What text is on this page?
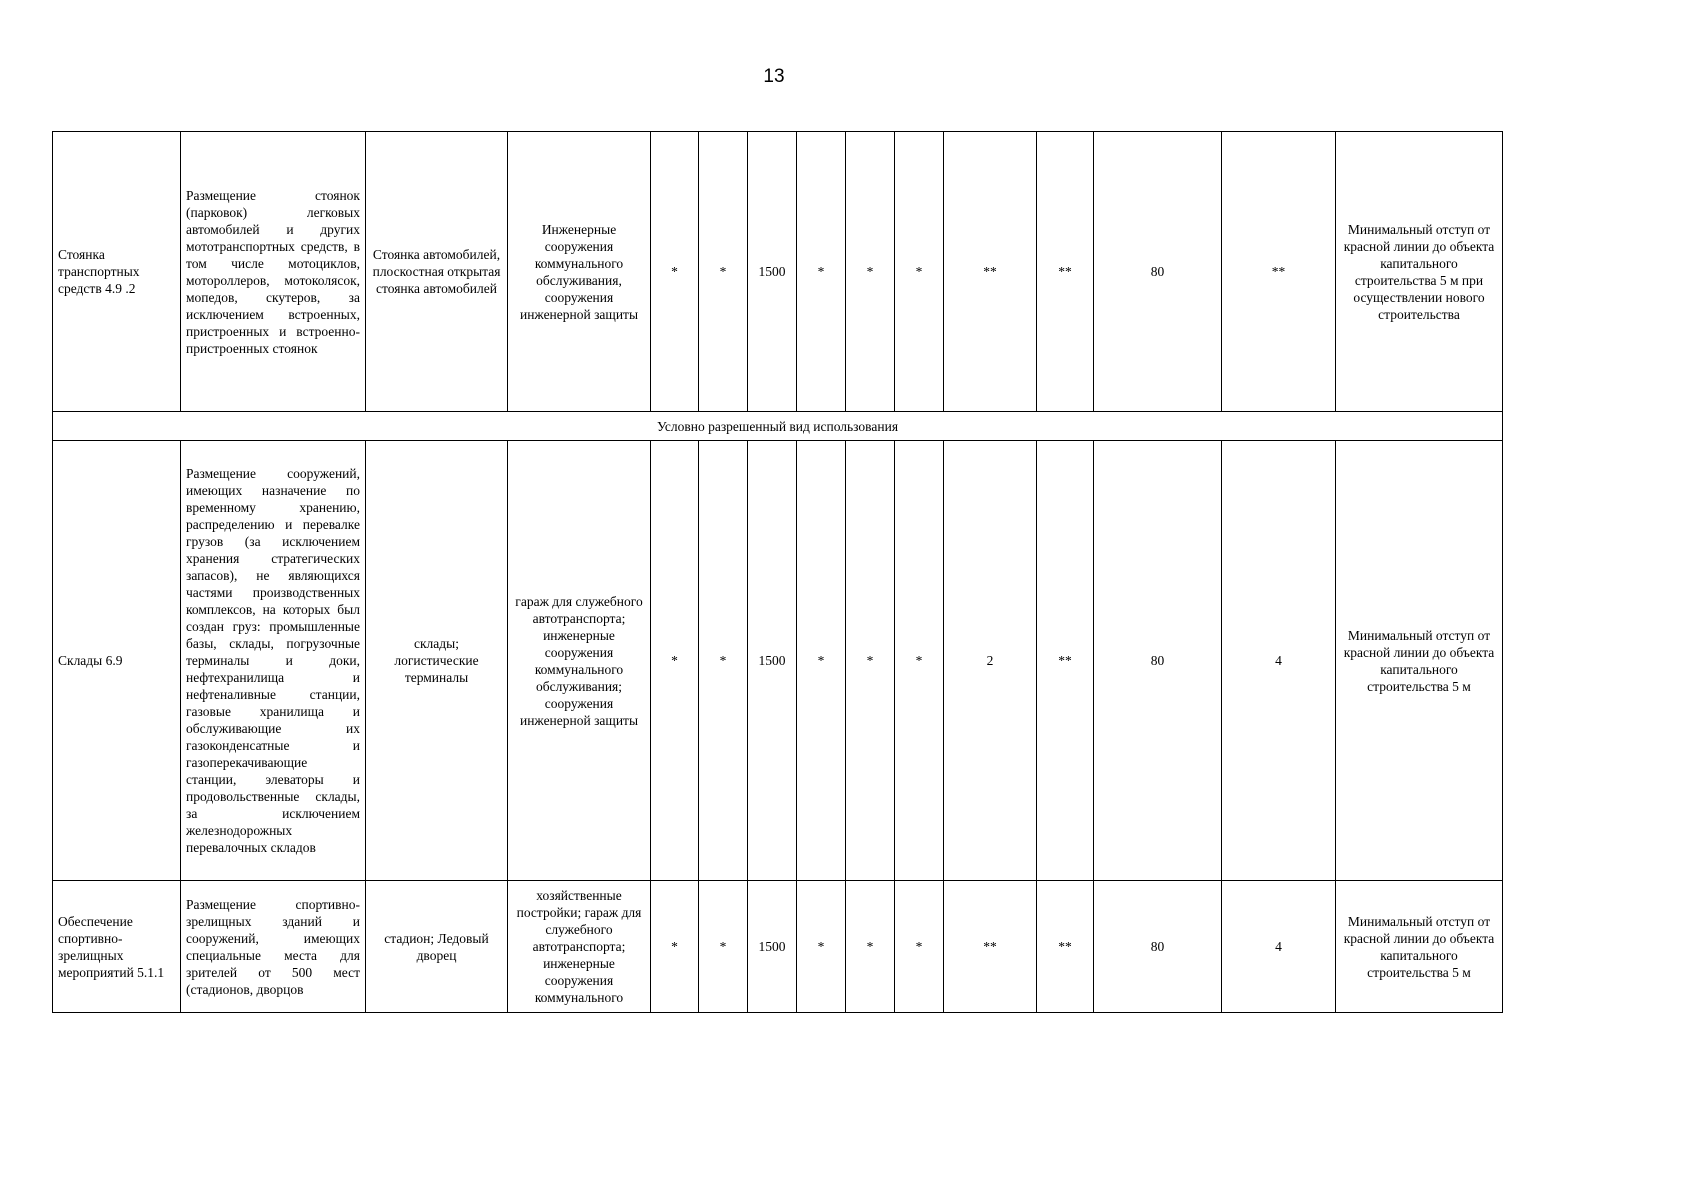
13
Стоянка транспортных средств 4.9 .2	Размещение стоянок (парковок) легковых автомобилей и других мототранспортных средств, в том числе мотоциклов, мотороллеров, мотоколясок, мопедов, скутеров, за исключением встроенных, пристроенных и встроенно-пристроенных стоянок	Стоянка автомобилей, плоскостная открытая стоянка автомобилей	Инженерные сооружения коммунального обслуживания, сооружения инженерной защиты	*	*	1500	*	*	*	**	**	80	**	Минимальный отступ от красной линии до объекта капитального строительства 5 м при осуществлении нового строительства
Условно разрешенный вид использования														
Склады 6.9	Размещение сооружений, имеющих назначение по временному хранению, распределению и перевалке грузов (за исключением хранения стратегических запасов), не являющихся частями производственных комплексов, на которых был создан груз: промышленные базы, склады, погрузочные терминалы и доки, нефтехранилища и нефтеналивные станции, газовые хранилища и обслуживающие их газоконденсатные и газоперекачивающие станции, элеваторы и продовольственные склады, за исключением железнодорожных перевалочных складов	склады; логистические терминалы	гараж для служебного автотранспорта; инженерные сооружения коммунального обслуживания; сооружения инженерной защиты	*	*	1500	*	*	*	2	**	80	4	Минимальный отступ от красной линии до объекта капитального строительства 5 м
Обеспечение спортивно-зрелищных мероприятий 5.1.1	Размещение спортивно-зрелищных зданий и сооружений, имеющих специальные места для зрителей от 500 мест (стадионов, дворцов	стадион; Ледовый дворец	хозяйственные постройки; гараж для служебного автотранспорта; инженерные сооружения коммунального	*	*	1500	*	*	*	**	**	80	4	Минимальный отступ от красной линии до объекта капитального строительства 5 м
